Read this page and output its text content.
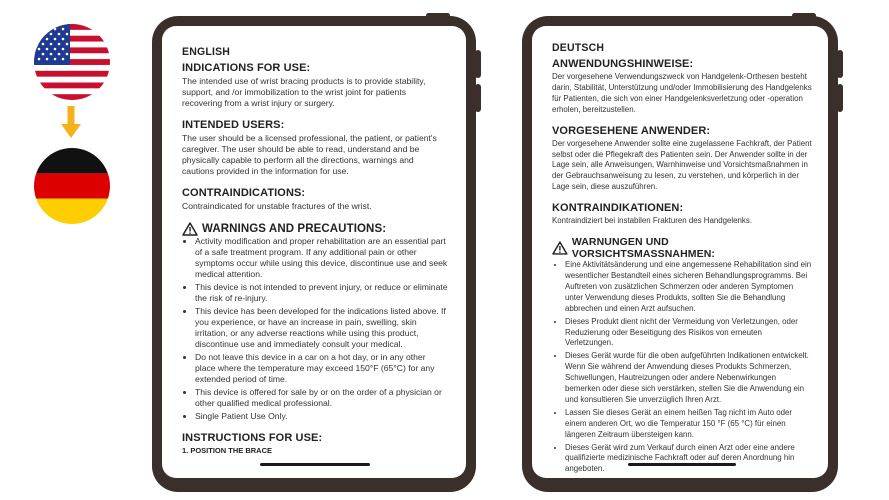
ENGLISH
INDICATIONS FOR USE:

The intended use of wrist bracing products is to provide stability, support, and /or immobilization to the wrist joint for patients recovering from a wrist injury or surgery.

INTENDED USERS:

The user should be a licensed professional, the patient, or patient's caregiver. The user should be able to read, understand and be physically capable to perform all the directions, warnings and cautions provided in the information for use.

CONTRAINDICATIONS:

Contraindicated for unstable fractures of the wrist.

WARNINGS AND PRECAUTIONS:
• Activity modification and proper rehabilitation are an essential part of a safe treatment program. If any additional pain or other symptoms occur while using this device, discontinue use and seek medical attention.
• This device is not intended to prevent injury, or reduce or eliminate the risk of re-injury.
• This device has been developed for the indications listed above. If you experience, or have an increase in pain, swelling, skin irritation, or any adverse reactions while using this product, discontinue use and immediately consult your medical.
• Do not leave this device in a car on a hot day, or in any other place where the temperature may exceed 150°F (65°C) for any extended period of time.
• This device is offered for sale by or on the order of a physician or other qualified medical professional.
• Single Patient Use Only.
INSTRUCTIONS FOR USE:
1. POSITION THE BRACE
DEUTSCH
ANWENDUNGSHINWEISE:

Der vorgesehene Verwendungszweck von Handgelenk-Orthesen besteht darin, Stabilität, Unterstützung und/oder Immobilisierung des Handgelenks für Patienten, die sich von einer Handgelenksverletzung oder -operation erholen, bereitzustellen.

VORGESEHENE ANWENDER:

Der vorgesehene Anwender sollte eine zugelassene Fachkraft, der Patient selbst oder die Pflegekraft des Patienten sein. Der Anwender sollte in der Lage sein, alle Anweisungen, Warnhinweise und Vorsichtsmaßnahmen in der Gebrauchsanweisung zu lesen, zu verstehen, und körperlich in der Lage sein, diese auszuführen.

KONTRAINDIKATIONEN:

Kontraindiziert bei instabilen Frakturen des Handgelenks.

WARNUNGEN UND VORSICHTSMASSNAHMEN:
• Eine Aktivitätsänderung und eine angemessene Rehabilitation sind ein wesentlicher Bestandteil eines sicheren Behandlungsprogramms. Bei Auftreten von zusätzlichen Schmerzen oder anderen Symptomen unter Verwendung dieses Produkts, sollten Sie die Behandlung abbrechen und einen Arzt aufsuchen.
• Dieses Produkt dient nicht der Vermeidung von Verletzungen, oder Reduzierung oder Beseitigung des Risikos von erneuten Verletzungen.
• Dieses Gerät wurde für die oben aufgeführten Indikationen entwickelt. Wenn Sie während der Anwendung dieses Produkts Schmerzen, Schwellungen, Hautreizungen oder andere Nebenwirkungen bemerken oder diese sich verstärken, stellen Sie die Anwendung ein und konsultieren Sie unverzüglich Ihren Arzt.
• Lassen Sie dieses Gerät an einem heißen Tag nicht im Auto oder einem anderen Ort, wo die Temperatur 150 °F (65 °C) für einen längeren Zeitraum übersteigen kann.
• Dieses Gerät wird zum Verkauf durch einen Arzt oder eine andere qualifizierte medizinische Fachkraft oder auf deren Anordnung hin angeboten.
